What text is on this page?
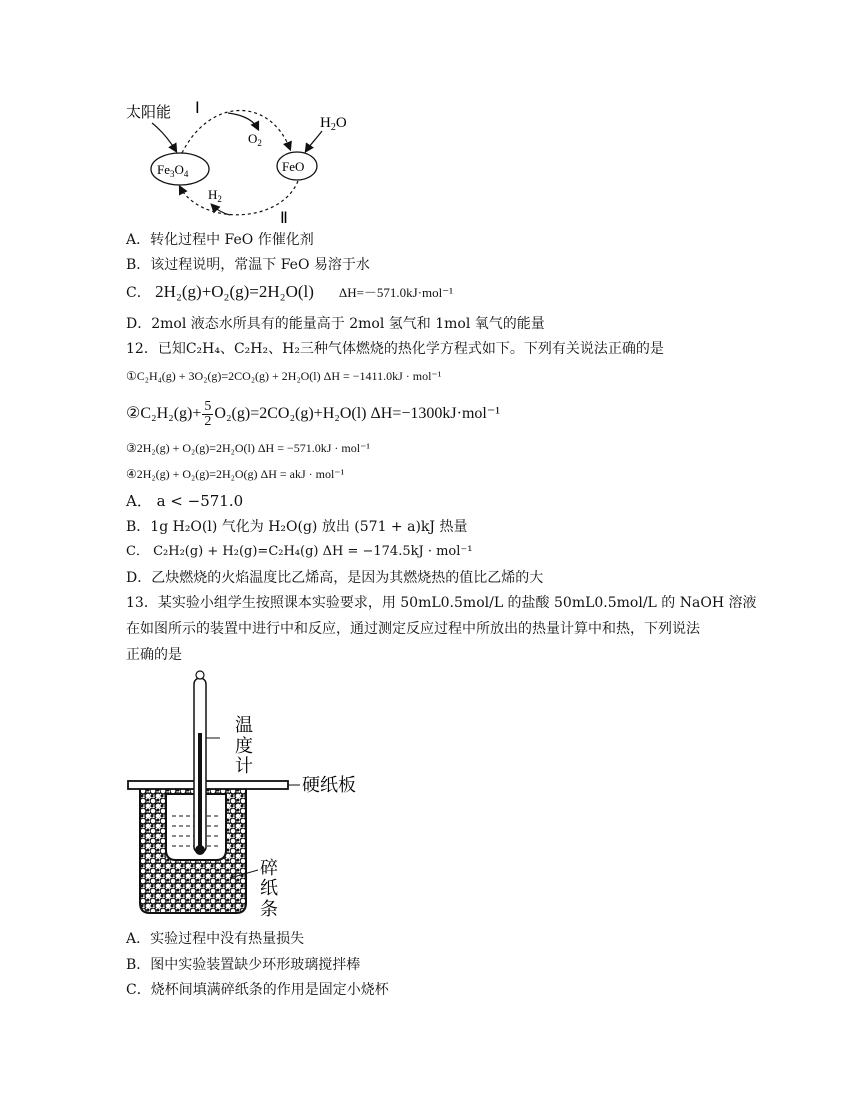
太阳能 Ⅰ
Ⅱ
$Fe_3O_4$	FeO
$O_2$
$H_2O$
$H_2$
A．转化过程中 FeO 作催化剂
B．该过程说明，常温下 FeO 易溶于水
C． 2H₂(g)+O₂(g)=2H₂O(l) ΔH=－571.0kJ·mol⁻¹
D．2mol 液态水所具有的能量高于 2mol 氢气和 1mol 氧气的能量
12．已知C₂H₄、C₂H₂、H₂三种气体燃烧的热化学方程式如下。下列有关说法正确的是
①C₂H₄(g) + 3O₂(g)=2CO₂(g) + 2H₂O(l) ΔH = −1411.0kJ · mol⁻¹
②C₂H₂(g)+ $\frac{5}{2} O_2(g)=2CO_2(g)+H_2O(l)$ ΔH=−1300kJ·mol⁻¹
③2H₂(g) + O₂(g)=2H₂O(l) ΔH = −571.0kJ · mol⁻¹
④2H₂(g) + O₂(g)=2H₂O(g) ΔH = akJ · mol⁻¹
A． a < −571.0
B．1g H₂O(l) 气化为 H₂O(g) 放出 (571 + a)kJ 热量
C． C₂H₂(g) + H₂(g)=C₂H₄(g) ΔH = −174.5kJ · mol⁻¹
D．乙炔燃烧的火焰温度比乙烯高，是因为其燃烧热的值比乙烯的大
13．某实验小组学生按照课本实验要求，用 50mL0.5mol/L 的盐酸 50mL0.5mol/L 的 NaOH 溶液
在如图所示的装置中进行中和反应，通过测定反应过程中所放出的热量计算中和热，下列说法
正确的是
温
度
计
硬纸板
碎
纸
条
A．实验过程中没有热量损失
B．图中实验装置缺少环形玻璃搅拌棒
C．烧杯间填满碎纸条的作用是固定小烧杯
